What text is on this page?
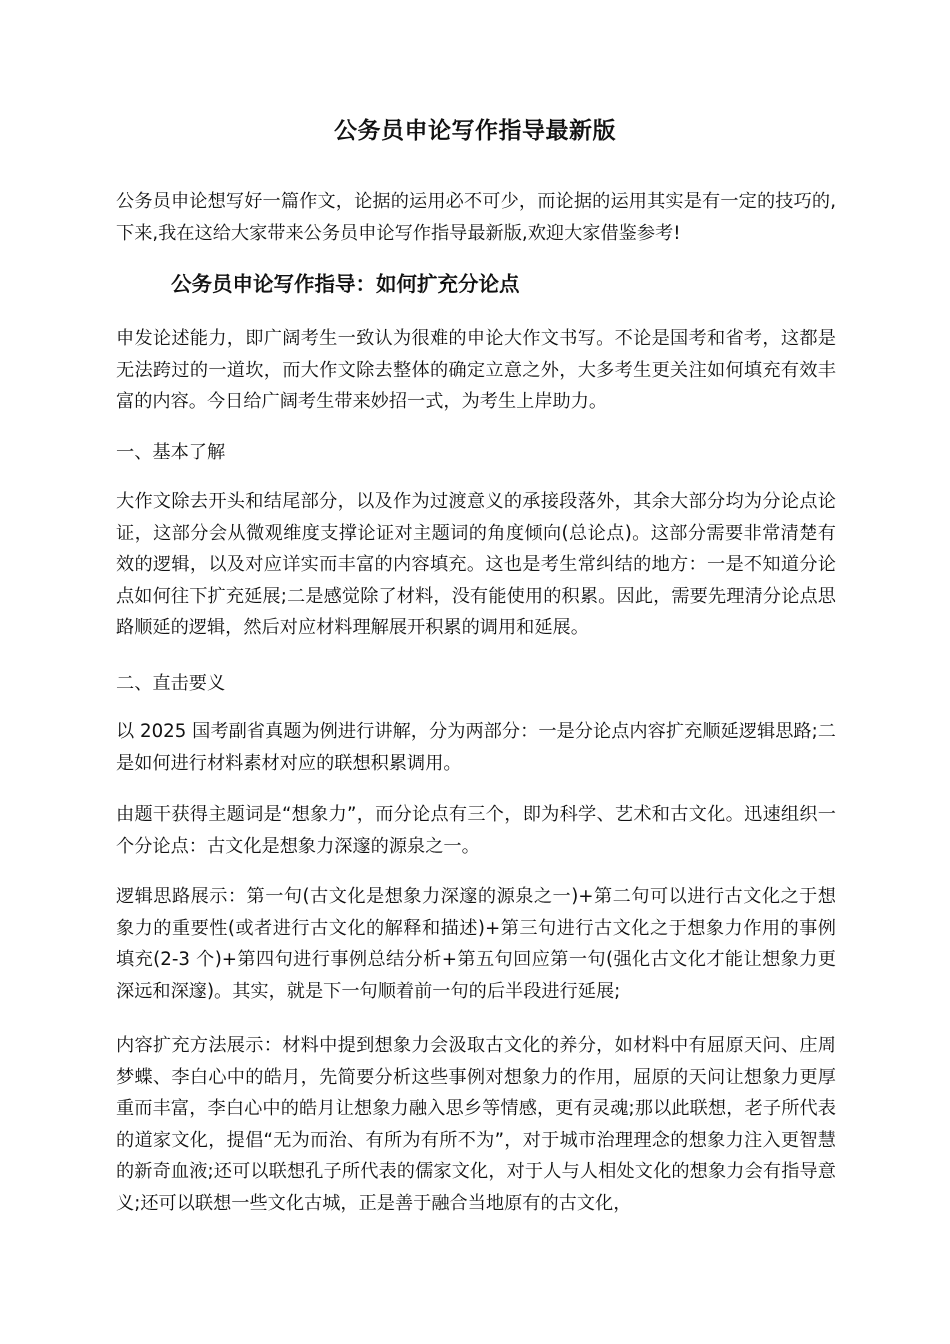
公务员申论写作指导最新版

公务员申论想写好一篇作文，论据的运用必不可少，而论据的运用其实是有一定的技巧的,下来,我在这给大家带来公务员申论写作指导最新版,欢迎大家借鉴参考!

公务员申论写作指导：如何扩充分论点

申发论述能力，即广阔考生一致认为很难的申论大作文书写。不论是国考和省考，这都是无法跨过的一道坎，而大作文除去整体的确定立意之外，大多考生更关注如何填充有效丰富的内容。今日给广阔考生带来妙招一式，为考生上岸助力。

一、基本了解

大作文除去开头和结尾部分，以及作为过渡意义的承接段落外，其余大部分均为分论点论证，这部分会从微观维度支撑论证对主题词的角度倾向(总论点)。这部分需要非常清楚有效的逻辑，以及对应详实而丰富的内容填充。这也是考生常纠结的地方：一是不知道分论点如何往下扩充延展;二是感觉除了材料，没有能使用的积累。因此，需要先理清分论点思路顺延的逻辑，然后对应材料理解展开积累的调用和延展。

二、直击要义

以 2025 国考副省真题为例进行讲解，分为两部分：一是分论点内容扩充顺延逻辑思路;二是如何进行材料素材对应的联想积累调用。

由题干获得主题词是“想象力”，而分论点有三个，即为科学、艺术和古文化。迅速组织一个分论点：古文化是想象力深邃的源泉之一。

逻辑思路展示：第一句(古文化是想象力深邃的源泉之一)+第二句可以进行古文化之于想象力的重要性(或者进行古文化的解释和描述)+第三句进行古文化之于想象力作用的事例填充(2-3 个)+第四句进行事例总结分析+第五句回应第一句(强化古文化才能让想象力更深远和深邃)。其实，就是下一句顺着前一句的后半段进行延展;

内容扩充方法展示：材料中提到想象力会汲取古文化的养分，如材料中有屈原天问、庄周梦蝶、李白心中的皓月，先简要分析这些事例对想象力的作用，屈原的天问让想象力更厚重而丰富，李白心中的皓月让想象力融入思乡等情感，更有灵魂;那以此联想，老子所代表的道家文化，提倡“无为而治、有所为有所不为”，对于城市治理理念的想象力注入更智慧的新奇血液;还可以联想孔子所代表的儒家文化，对于人与人相处文化的想象力会有指导意义;还可以联想一些文化古城，正是善于融合当地原有的古文化，
